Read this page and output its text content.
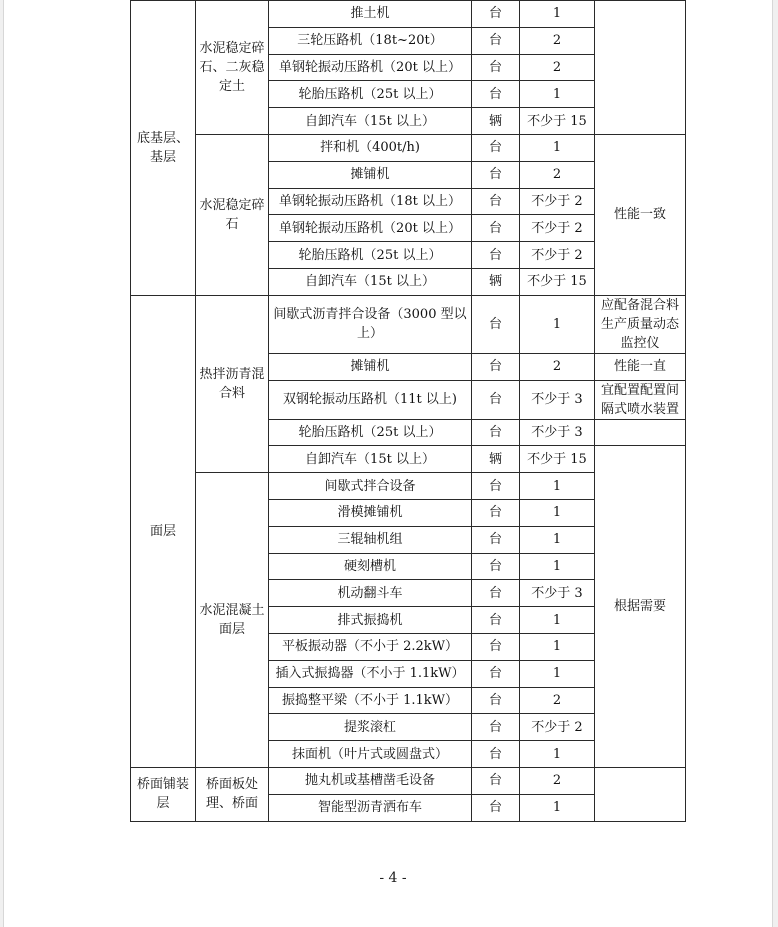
底基层、基层	水泥稳定碎石、二灰稳定土	推土机	台	1	
		三轮压路机（18t~20t）	台	2	
		单钢轮振动压路机（20t 以上）	台	2	
		轮胎压路机（25t 以上）	台	1	
		自卸汽车（15t 以上）	辆	不少于 15	
	水泥稳定碎石	拌和机（400t/h)	台	1	性能一致
		摊铺机	台	2	
		单钢轮振动压路机（18t 以上）	台	不少于 2	
		单钢轮振动压路机（20t 以上）	台	不少于 2	
		轮胎压路机（25t 以上）	台	不少于 2	
		自卸汽车（15t 以上）	辆	不少于 15	
面层	热拌沥青混合料	间歇式沥青拌合设备（3000 型以上）	台	1	应配备混合料生产质量动态监控仪
		摊铺机	台	2	性能一直
		双钢轮振动压路机（11t 以上)	台	不少于 3	宜配置配置间隔式喷水装置
		轮胎压路机（25t 以上）	台	不少于 3	
		自卸汽车（15t 以上）	辆	不少于 15	根据需要
	水泥混凝土面层	间歇式拌合设备	台	1	
		滑模摊铺机	台	1	
		三辊轴机组	台	1	
		硬刻槽机	台	1	
		机动翻斗车	台	不少于 3	
		排式振捣机	台	1	
		平板振动器（不小于 2.2kW）	台	1	
		插入式振捣器（不小于 1.1kW）	台	1	
		振捣整平梁（不小于 1.1kW）	台	2	
		提浆滚杠	台	不少于 2	
		抹面机（叶片式或圆盘式）	台	1	
桥面铺装层	桥面板处理、桥面	抛丸机或基槽凿毛设备	台	2	
		智能型沥青洒布车	台	1	
- 4 -
